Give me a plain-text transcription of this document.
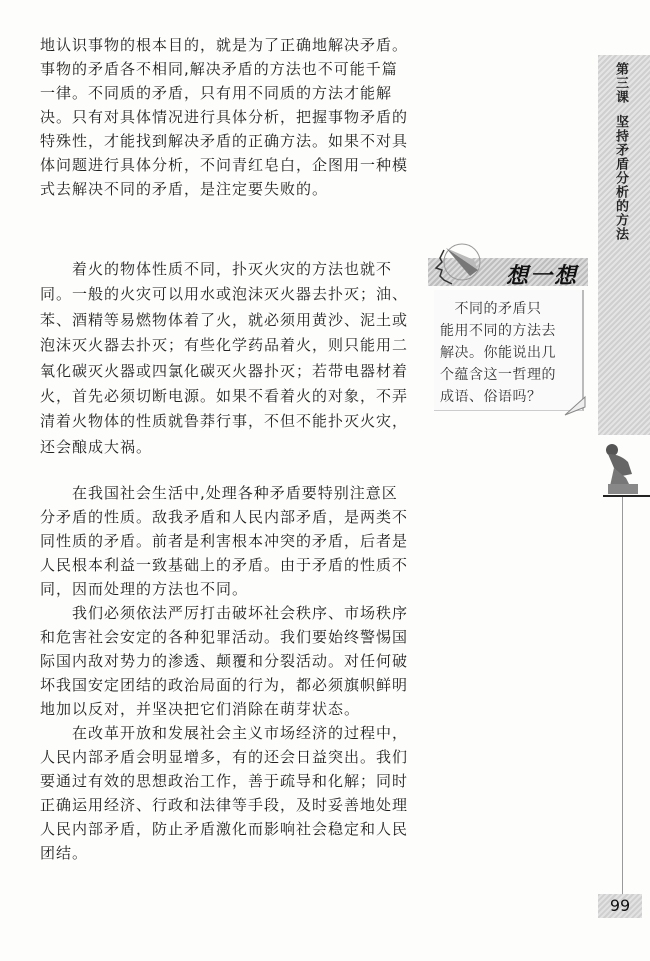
第三课  坚持矛盾分析的方法
地认识事物的根本目的，就是为了正确地解决矛盾。
事物的矛盾各不相同,解决矛盾的方法也不可能千篇
一律。不同质的矛盾，只有用不同质的方法才能解
决。只有对具体情况进行具体分析，把握事物矛盾的
特殊性，才能找到解决矛盾的正确方法。如果不对具
体问题进行具体分析，不问青红皂白，企图用一种模
式去解决不同的矛盾，是注定要失败的。
　　着火的物体性质不同，扑灭火灾的方法也就不
同。一般的火灾可以用水或泡沫灭火器去扑灭；油、
苯、酒精等易燃物体着了火，就必须用黄沙、泥土或
泡沫灭火器去扑灭；有些化学药品着火，则只能用二
氧化碳灭火器或四氯化碳灭火器扑灭；若带电器材着
火，首先必须切断电源。如果不看着火的对象，不弄
清着火物体的性质就鲁莽行事，不但不能扑灭火灾，
还会酿成大祸。
　　在我国社会生活中,处理各种矛盾要特别注意区
分矛盾的性质。敌我矛盾和人民内部矛盾，是两类不
同性质的矛盾。前者是利害根本冲突的矛盾，后者是
人民根本利益一致基础上的矛盾。由于矛盾的性质不
同，因而处理的方法也不同。
　　我们必须依法严厉打击破坏社会秩序、市场秩序
和危害社会安定的各种犯罪活动。我们要始终警惕国
际国内敌对势力的渗透、颠覆和分裂活动。对任何破
坏我国安定团结的政治局面的行为，都必须旗帜鲜明
地加以反对，并坚决把它们消除在萌芽状态。
　　在改革开放和发展社会主义市场经济的过程中，
人民内部矛盾会明显增多，有的还会日益突出。我们
要通过有效的思想政治工作，善于疏导和化解；同时
正确运用经济、行政和法律等手段，及时妥善地处理
人民内部矛盾，防止矛盾激化而影响社会稳定和人民
团结。
想一想
　不同的矛盾只
能用不同的方法去
解决。你能说出几
个蕴含这一哲理的
成语、俗语吗？
99
